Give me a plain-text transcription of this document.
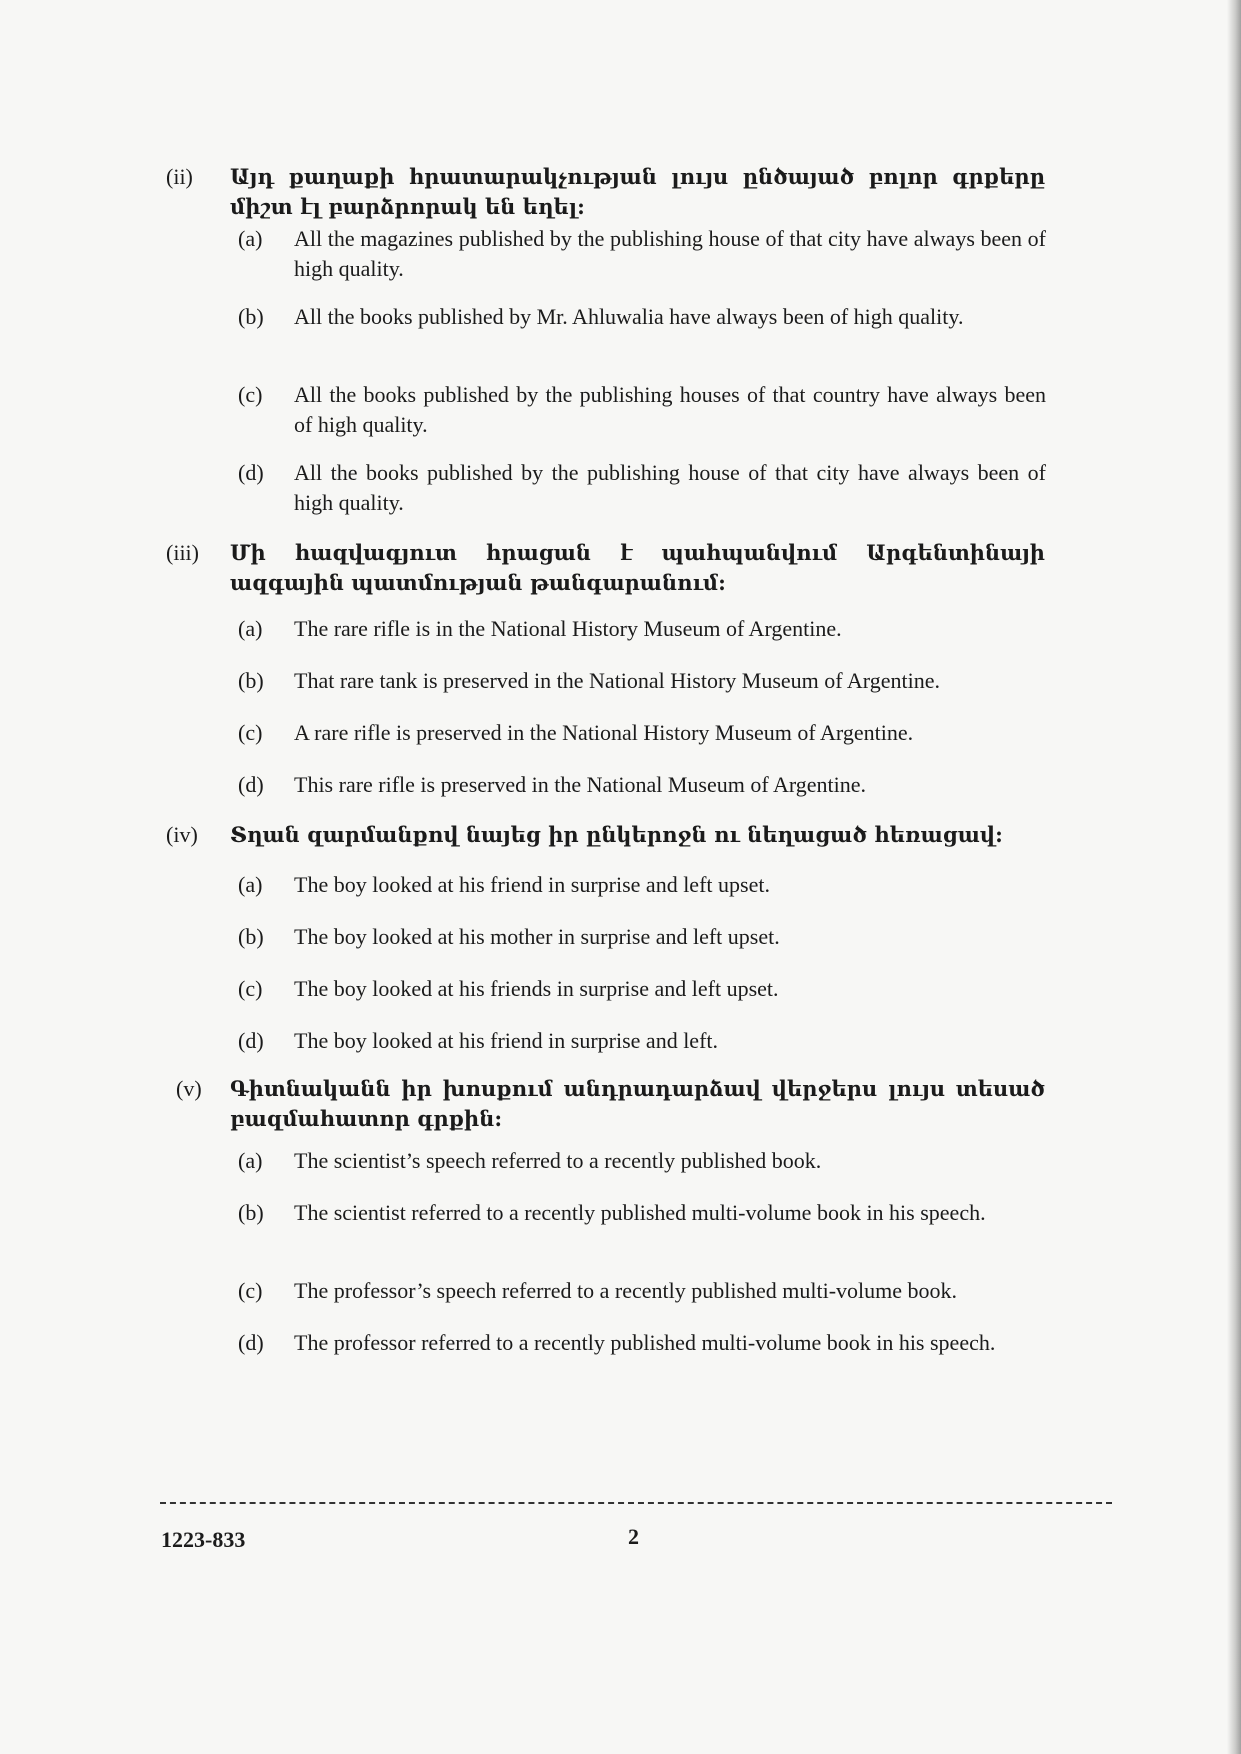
(ii) Այդ քաղաքի հրատարակչության լույս ընծայած բոլոր գրքերը միշտ էլ բարձրորակ են եղել:
(a) All the magazines published by the publishing house of that city have always been of high quality.
(b) All the books published by Mr. Ahluwalia have always been of high quality.
(c) All the books published by the publishing houses of that country have always been of high quality.
(d) All the books published by the publishing house of that city have always been of high quality.
(iii) Մի հազվագյուտ հրացան է պահպանվում Արգենտինայի ազգային պատմության թանգարանում:
(a) The rare rifle is in the National History Museum of Argentine.
(b) That rare tank is preserved in the National History Museum of Argentine.
(c) A rare rifle is preserved in the National History Museum of Argentine.
(d) This rare rifle is preserved in the National Museum of Argentine.
(iv) Տղան զարմանքով նայեց իր ընկերոջն ու նեղացած հեռացավ:
(a) The boy looked at his friend in surprise and left upset.
(b) The boy looked at his mother in surprise and left upset.
(c) The boy looked at his friends in surprise and left upset.
(d) The boy looked at his friend in surprise and left.
(v) Գիտնականն իր խոսքում անդրադարձավ վերջերս լույս տեսած բազմահատոր գրքին:
(a) The scientist’s speech referred to a recently published book.
(b) The scientist referred to a recently published multi-volume book in his speech.
(c) The professor’s speech referred to a recently published multi-volume book.
(d) The professor referred to a recently published multi-volume book in his speech.
1223-833	2
